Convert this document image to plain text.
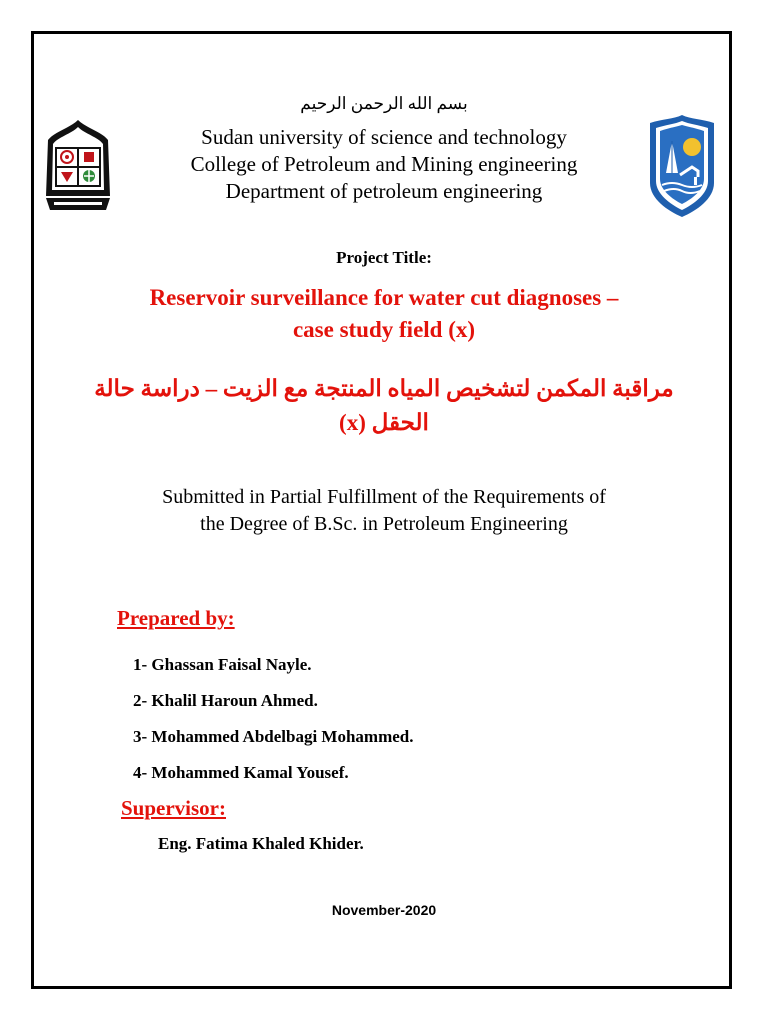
بسم الله الرحمن الرحيم
Sudan university of science and technology
College of Petroleum and Mining engineering
Department of petroleum engineering
Project Title:
Reservoir surveillance for water cut diagnoses –
case study field (x)
مراقبة المكمن لتشخيص المياه المنتجة مع الزيت – دراسة حالة
الحقل (x)
Submitted in Partial Fulfillment of the Requirements of
the Degree of B.Sc. in Petroleum Engineering
Prepared by:
1- Ghassan Faisal Nayle.
2- Khalil Haroun Ahmed.
3- Mohammed Abdelbagi Mohammed.
4- Mohammed Kamal Yousef.
Supervisor:
Eng. Fatima Khaled Khider.
November-2020
